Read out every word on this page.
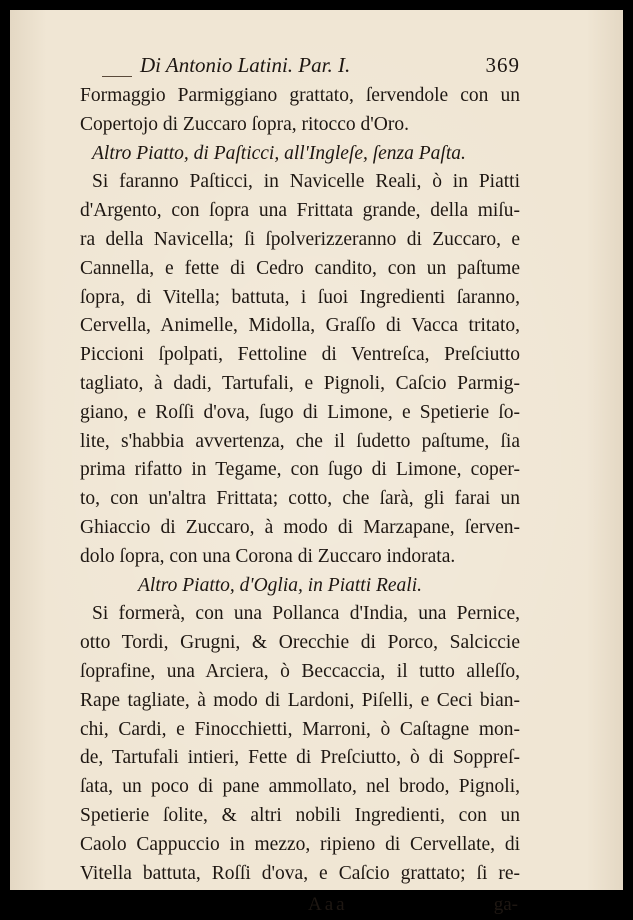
Di Antonio Latini. Par. I.	369
Formaggio Parmiggiano grattato, ſervendole con un
Copertojo di Zuccaro ſopra, ritocco d'Oro.
Altro Piatto, di Paſticci, all'Ingleſe, ſenza Paſta.
Si faranno Paſticci, in Navicelle Reali, ò in Piatti
d'Argento, con ſopra una Frittata grande, della miſu-
ra della Navicella; ſi ſpolverizzeranno di Zuccaro, e
Cannella, e fette di Cedro candito, con un paſtume
ſopra, di Vitella; battuta, i ſuoi Ingredienti ſaranno,
Cervella, Animelle, Midolla, Graſſo di Vacca tritato,
Piccioni ſpolpati, Fettoline di Ventreſca, Preſciutto
tagliato, à dadi, Tartufali, e Pignoli, Caſcio Parmig-
giano, e Roſſi d'ova, ſugo di Limone, e Spetierie ſo-
lite, s'habbia avvertenza, che il ſudetto paſtume, ſia
prima rifatto in Tegame, con ſugo di Limone, coper-
to, con un'altra Frittata; cotto, che ſarà, gli farai un
Ghiaccio di Zuccaro, à modo di Marzapane, ſerven-
dolo ſopra, con una Corona di Zuccaro indorata.
Altro Piatto, d'Oglia, in Piatti Reali.
Si formerà, con una Pollanca d'India, una Pernice,
otto Tordi, Grugni, & Orecchie di Porco, Salciccie
ſoprafine, una Arciera, ò Beccaccia, il tutto alleſſo,
Rape tagliate, à modo di Lardoni, Piſelli, e Ceci bian-
chi, Cardi, e Finocchietti, Marroni, ò Caſtagne mon-
de, Tartufali intieri, Fette di Preſciutto, ò di Soppreſ-
ſata, un poco di pane ammollato, nel brodo, Pignoli,
Spetierie ſolite, & altri nobili Ingredienti, con un
Caolo Cappuccio in mezzo, ripieno di Cervellate, di
Vitella battuta, Roſſi d'ova, e Caſcio grattato; ſi re-
Aaa	ga-
